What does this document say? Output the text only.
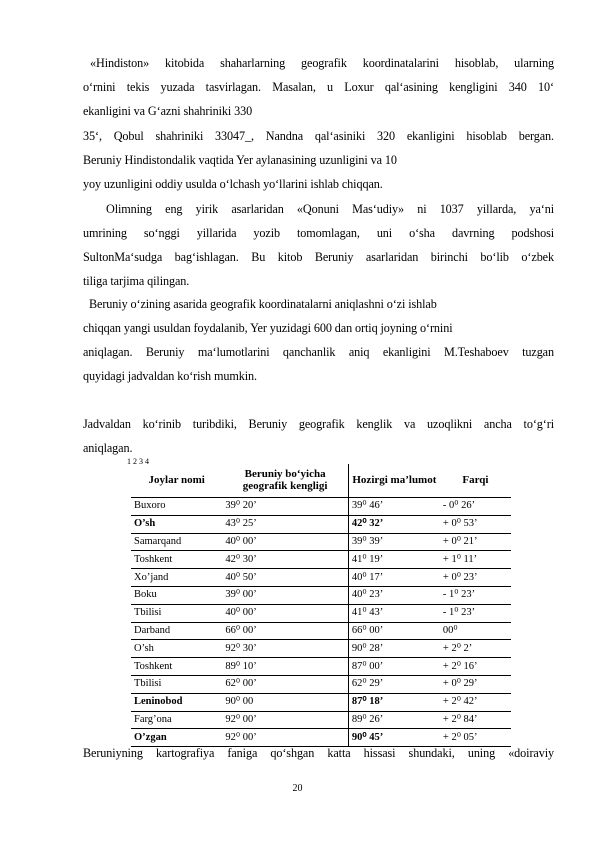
«Hindiston» kitobida shaharlarning geografik koordinatalarini hisoblab, ularning
o‘rnini tekis yuzada tasvirlagan. Masalan, u Loxur qal‘asining kengligini 340 10‘
ekanligini va G‘azni shahriniki 330
35‘, Qobul shahriniki 33047_, Nandna qal‘asiniki 320 ekanligini hisoblab bergan.
Beruniy Hindistondalik vaqtida Yer aylanasining uzunligini va 10
yoy uzunligini oddiy usulda o‘lchash yo‘llarini ishlab chiqqan.
Olimning eng yirik asarlaridan «Qonuni Mas‘udiy» ni 1037 yillarda, ya‘ni
umrining so‘nggi yillarida yozib tomomlagan, uni o‘sha davrning podshosi
SultonMa‘sudga bag‘ishlagan. Bu kitob Beruniy asarlaridan birinchi bo‘lib o‘zbek
tiliga tarjima qilingan.
Beruniy o‘zining asarida geografik koordinatalarni aniqlashni o‘zi ishlab
chiqqan yangi usuldan foydalanib, Yer yuzidagi 600 dan ortiq joyning o‘rnini
aniqlagan. Beruniy ma‘lumotlarini qanchanlik aniq ekanligini M.Teshaboev tuzgan
quyidagi jadvaldan ko‘rish mumkin.
Jadvaldan ko‘rinib turibdiki, Beruniy geografik kenglik va uzoqlikni ancha to‘g‘ri
aniqlagan.
1 2 3 4
Joylar nomi	Beruniy bo‘yicha geografik kengligi	Hozirgi ma’lumot	Farqi
Buxoro	39⁰ 20’	39⁰ 46’	- 0⁰ 26’
O’sh	43⁰ 25’	42⁰ 32’	+ 0⁰ 53’
Samarqand	40⁰ 00’	39⁰ 39’	+ 0⁰ 21’
Toshkent	42⁰ 30’	41⁰ 19’	+ 1⁰ 11’
Xo’jand	40⁰ 50’	40⁰ 17’	+ 0⁰ 23’
Boku	39⁰ 00’	40⁰ 23’	- 1⁰ 23’
Tbilisi	40⁰ 00’	41⁰ 43’	- 1⁰ 23’
Darband	66⁰ 00’	66⁰ 00’	00⁰
O’sh	92⁰ 30’	90⁰ 28’	+ 2⁰ 2’
Toshkent	89⁰ 10’	87⁰ 00’	+ 2⁰ 16’
Tbilisi	62⁰ 00’	62⁰ 29’	+ 0⁰ 29’
Leninobod	90⁰ 00	87⁰ 18’	+ 2⁰ 42’
Farg’ona	92⁰ 00’	89⁰ 26’	+ 2⁰ 84’
O’zgan	92⁰ 00’	90⁰ 45’	+ 2⁰ 05’
Beruniyning kartografiya faniga qo‘shgan katta hissasi shundaki, uning «doiraviy
20
